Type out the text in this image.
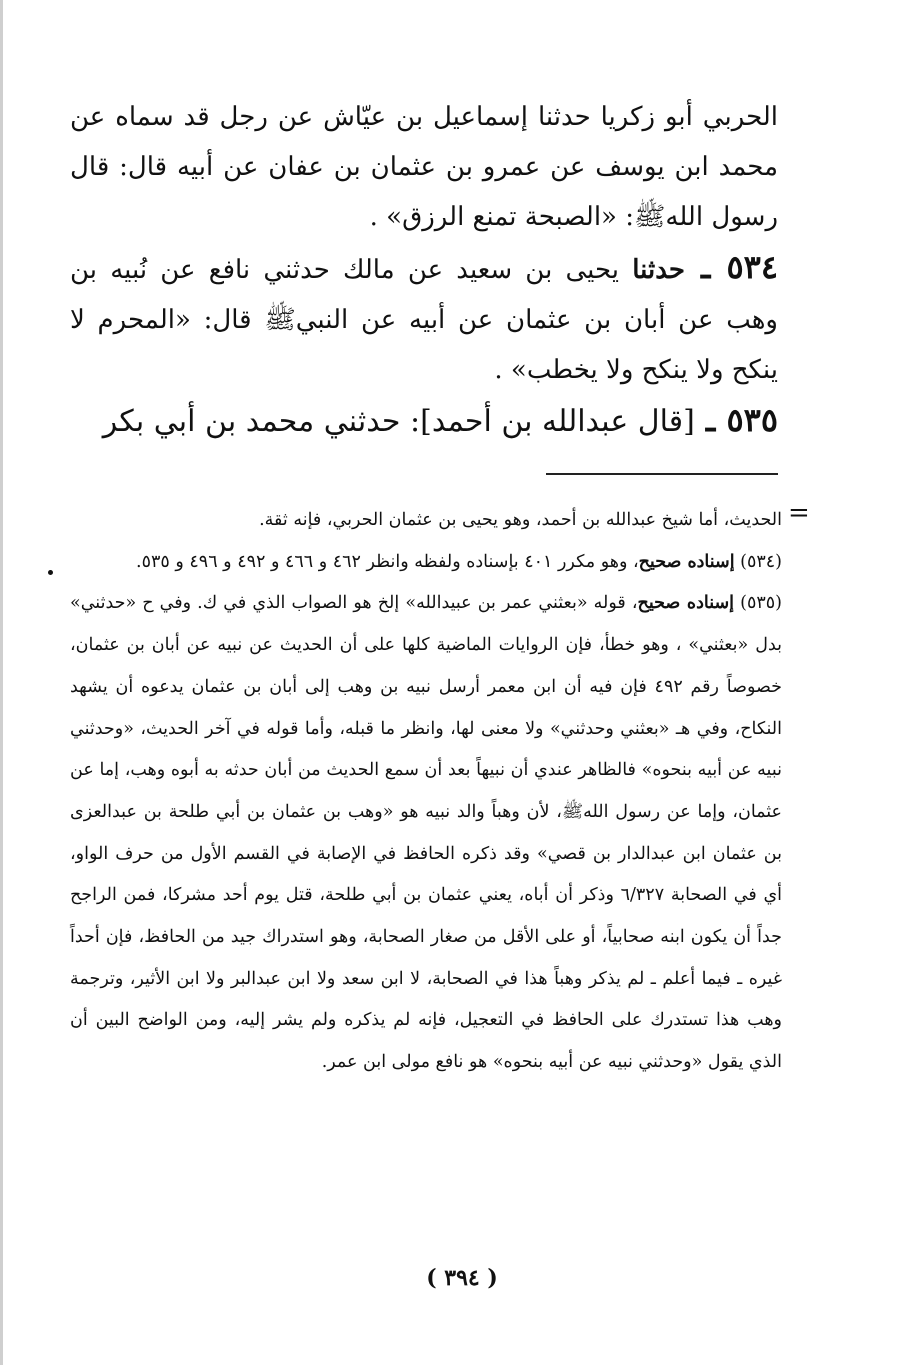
الحربي أبو زكريا حدثنا إسماعيل بن عيّاش عن رجل قد سماه عن محمد ابن يوسف عن عمرو بن عثمان بن عفان عن أبيه قال: قال رسول اللهﷺ: «الصبحة تمنع الرزق» .

٥٣٤ ـ حدثنا يحيى بن سعيد عن مالك حدثني نافع عن نُبيه بن وهب عن أبان بن عثمان عن أبيه عن النبيﷺ قال: «المحرم لا ينكح ولا ينكح ولا يخطب» .

٥٣٥ ـ [قال عبدالله بن أحمد]: حدثني محمد بن أبي بكر

=

الحديث، أما شيخ عبدالله بن أحمد، وهو يحيى بن عثمان الحربي، فإنه ثقة.

(٥٣٤) إسناده صحيح، وهو مكرر ٤٠١ بإسناده ولفظه وانظر ٤٦٢ و ٤٦٦ و ٤٩٢ و ٤٩٦ و ٥٣٥.

(٥٣٥) إسناده صحيح، قوله «بعثني عمر بن عبيدالله» إلخ هو الصواب الذي في ك. وفي ح «حدثني» بدل «بعثني» ، وهو خطأ، فإن الروايات الماضية كلها على أن الحديث عن نبيه عن أبان بن عثمان، خصوصاً رقم ٤٩٢ فإن فيه أن ابن معمر أرسل نبيه بن وهب إلى أبان بن عثمان يدعوه أن يشهد النكاح، وفي هـ «بعثني وحدثني» ولا معنى لها، وانظر ما قبله، وأما قوله في آخر الحديث، «وحدثني نبيه عن أبيه بنحوه» فالظاهر عندي أن نبيهاً بعد أن سمع الحديث من أبان حدثه به أبوه وهب، إما عن عثمان، وإما عن رسول اللهﷺ، لأن وهباً والد نبيه هو «وهب بن عثمان بن أبي طلحة بن عبدالعزى بن عثمان ابن عبدالدار بن قصي» وقد ذكره الحافظ في الإصابة في القسم الأول من حرف الواو، أي في الصحابة ٦/٣٢٧ وذكر أن أباه، يعني عثمان بن أبي طلحة، قتل يوم أحد مشركا، فمن الراجح جداً أن يكون ابنه صحابياً، أو على الأقل من صغار الصحابة، وهو استدراك جيد من الحافظ، فإن أحداً غيره ـ فيما أعلم ـ لم يذكر وهباً هذا في الصحابة، لا ابن سعد ولا ابن عبدالبر ولا ابن الأثير، وترجمة وهب هذا تستدرك على الحافظ في التعجيل، فإنه لم يذكره ولم يشر إليه، ومن الواضح البين أن الذي يقول «وحدثني نبيه عن أبيه بنحوه» هو نافع مولى ابن عمر.

( ٣٩٤ )
